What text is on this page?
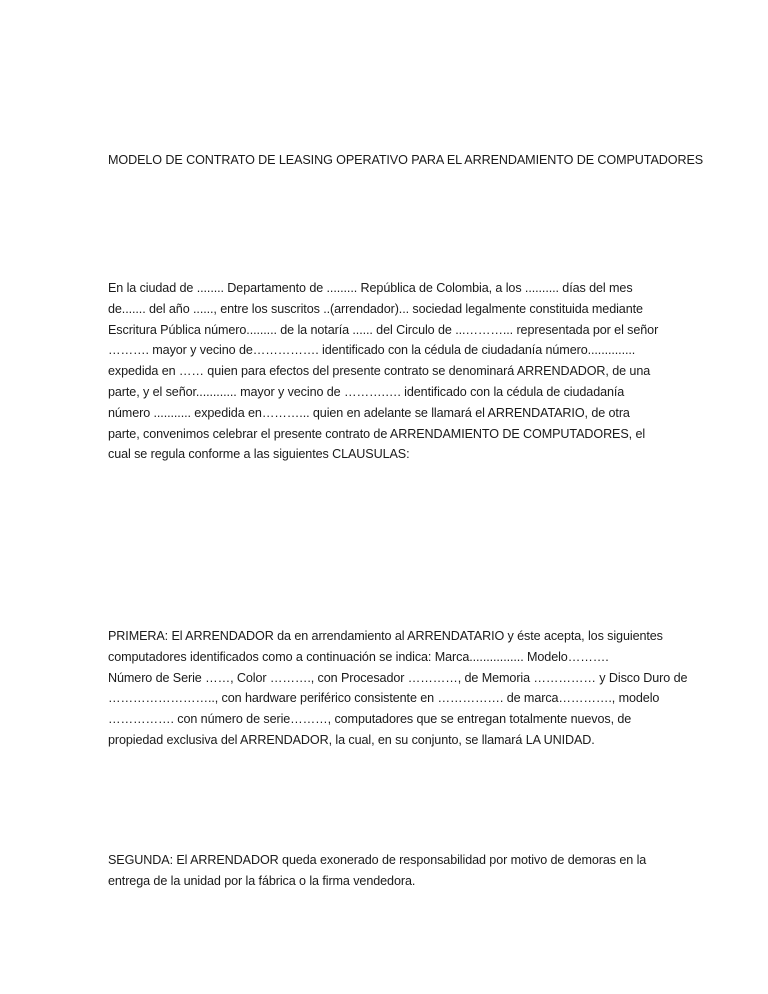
MODELO DE CONTRATO DE LEASING OPERATIVO PARA EL ARRENDAMIENTO DE COMPUTADORES
En la ciudad de ........ Departamento de ......... República de Colombia, a los .......... días del mes
de....... del año ......, entre los suscritos ..(arrendador)... sociedad legalmente constituida mediante
Escritura Pública número......... de la notaría ...... del Circulo de ...………... representada por el señor
………. mayor y vecino de……………. identificado con la cédula de ciudadanía número..............
expedida en …… quien para efectos del presente contrato se denominará ARRENDADOR, de una
parte, y el señor............ mayor y vecino de ……….…. identificado con la cédula de ciudadanía
número ........... expedida en………... quien en adelante se llamará el ARRENDATARIO, de otra
parte, convenimos celebrar el presente contrato de ARRENDAMIENTO DE COMPUTADORES, el
cual se regula conforme a las siguientes CLAUSULAS:
PRIMERA: El ARRENDADOR da en arrendamiento al ARRENDATARIO y éste acepta, los siguientes
computadores identificados como a continuación se indica: Marca................ Modelo……….
Número de Serie ……, Color ………., con Procesador …………, de Memoria …………… y Disco Duro de
…………………….., con hardware periférico consistente en ……………. de marca…………., modelo
……………. con número de serie………, computadores que se entregan totalmente nuevos, de
propiedad exclusiva del ARRENDADOR, la cual, en su conjunto, se llamará LA UNIDAD.
SEGUNDA: El ARRENDADOR queda exonerado de responsabilidad por motivo de demoras en la
entrega de la unidad por la fábrica o la firma vendedora.
